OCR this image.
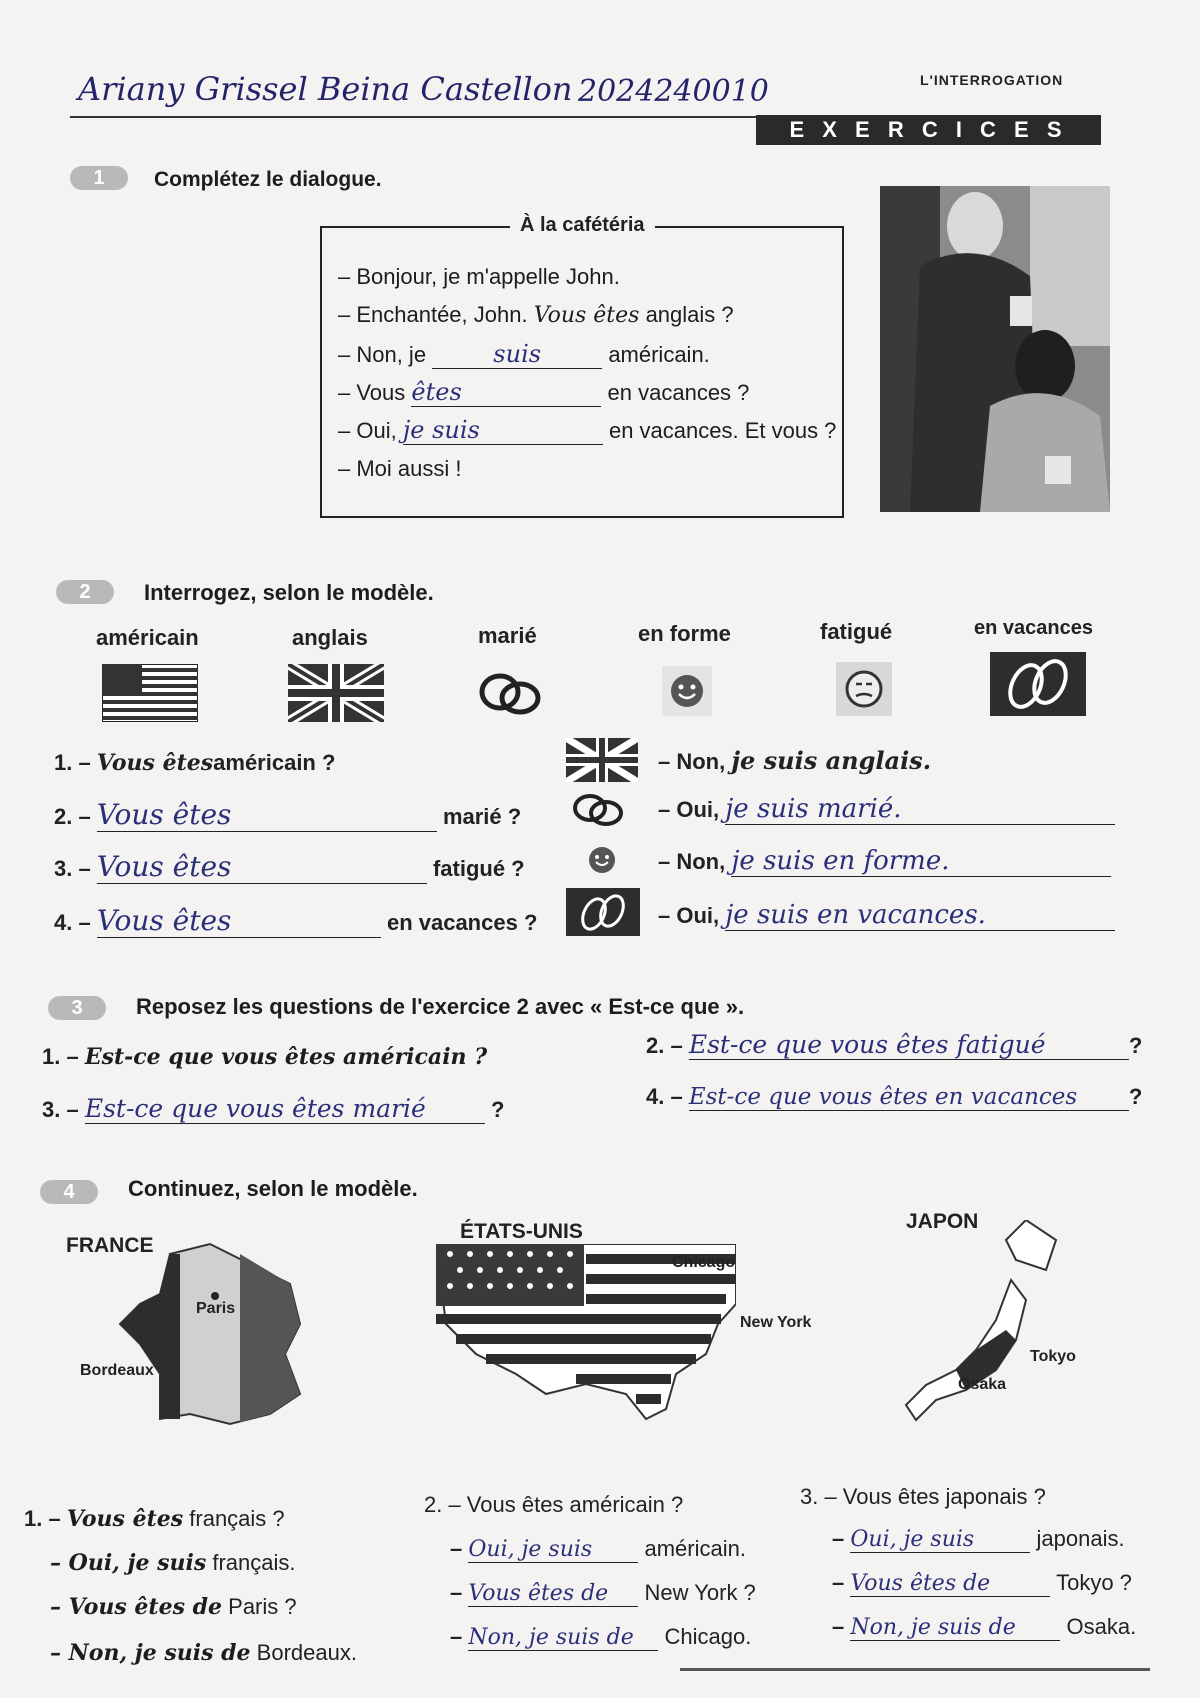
Ariany Grissel Beina Castellon 2024240010	L'INTERROGATION
E X E R C I C E S
1	Complétez le dialogue.
À la cafétéria
– Bonjour, je m'appelle John.
– Enchantée, John. Vous êtes anglais ?
– Non, je	suis	américain.
– Vous êtes	en vacances ?
– Oui, je suis	en vacances. Et vous ?
– Moi aussi !
2	Interrogez, selon le modèle.
américain	anglais	marié	en forme	fatigué	en vacances
1. – Vous êtesaméricain ?	– Non, je suis anglais.
2. – Vous êtes	marié ?	– Oui, je suis marié.
3. – Vous êtes	fatigué ?	– Non, je suis en forme.
4. – Vous êtes	en vacances ?	– Oui, je suis en vacances.
3	Reposez les questions de l'exercice 2 avec « Est-ce que ».
1. – Est-ce que vous êtes américain ?	2. – Est-ce que vous êtes fatigué	?
3. – Est-ce que vous êtes marié	?
4. – Est-ce que vous êtes en vacances ?
4	Continuez, selon le modèle.
FRANCE
Paris
Bordeaux
ÉTATS-UNIS
Chicago
New York
JAPON
Tokyo
Osaka
1. – Vous êtes français ?
– Oui, je suis français.
– Vous êtes de Paris ?
– Non, je suis de Bordeaux.
2. – Vous êtes américain ?
– Oui, je suis américain.
– Vous êtes de New York ?
– Non, je suis de Chicago.
3. – Vous êtes japonais ?
– Oui, je suis	japonais.
– Vous êtes de	Tokyo ?
– Non, je suis de Osaka.
